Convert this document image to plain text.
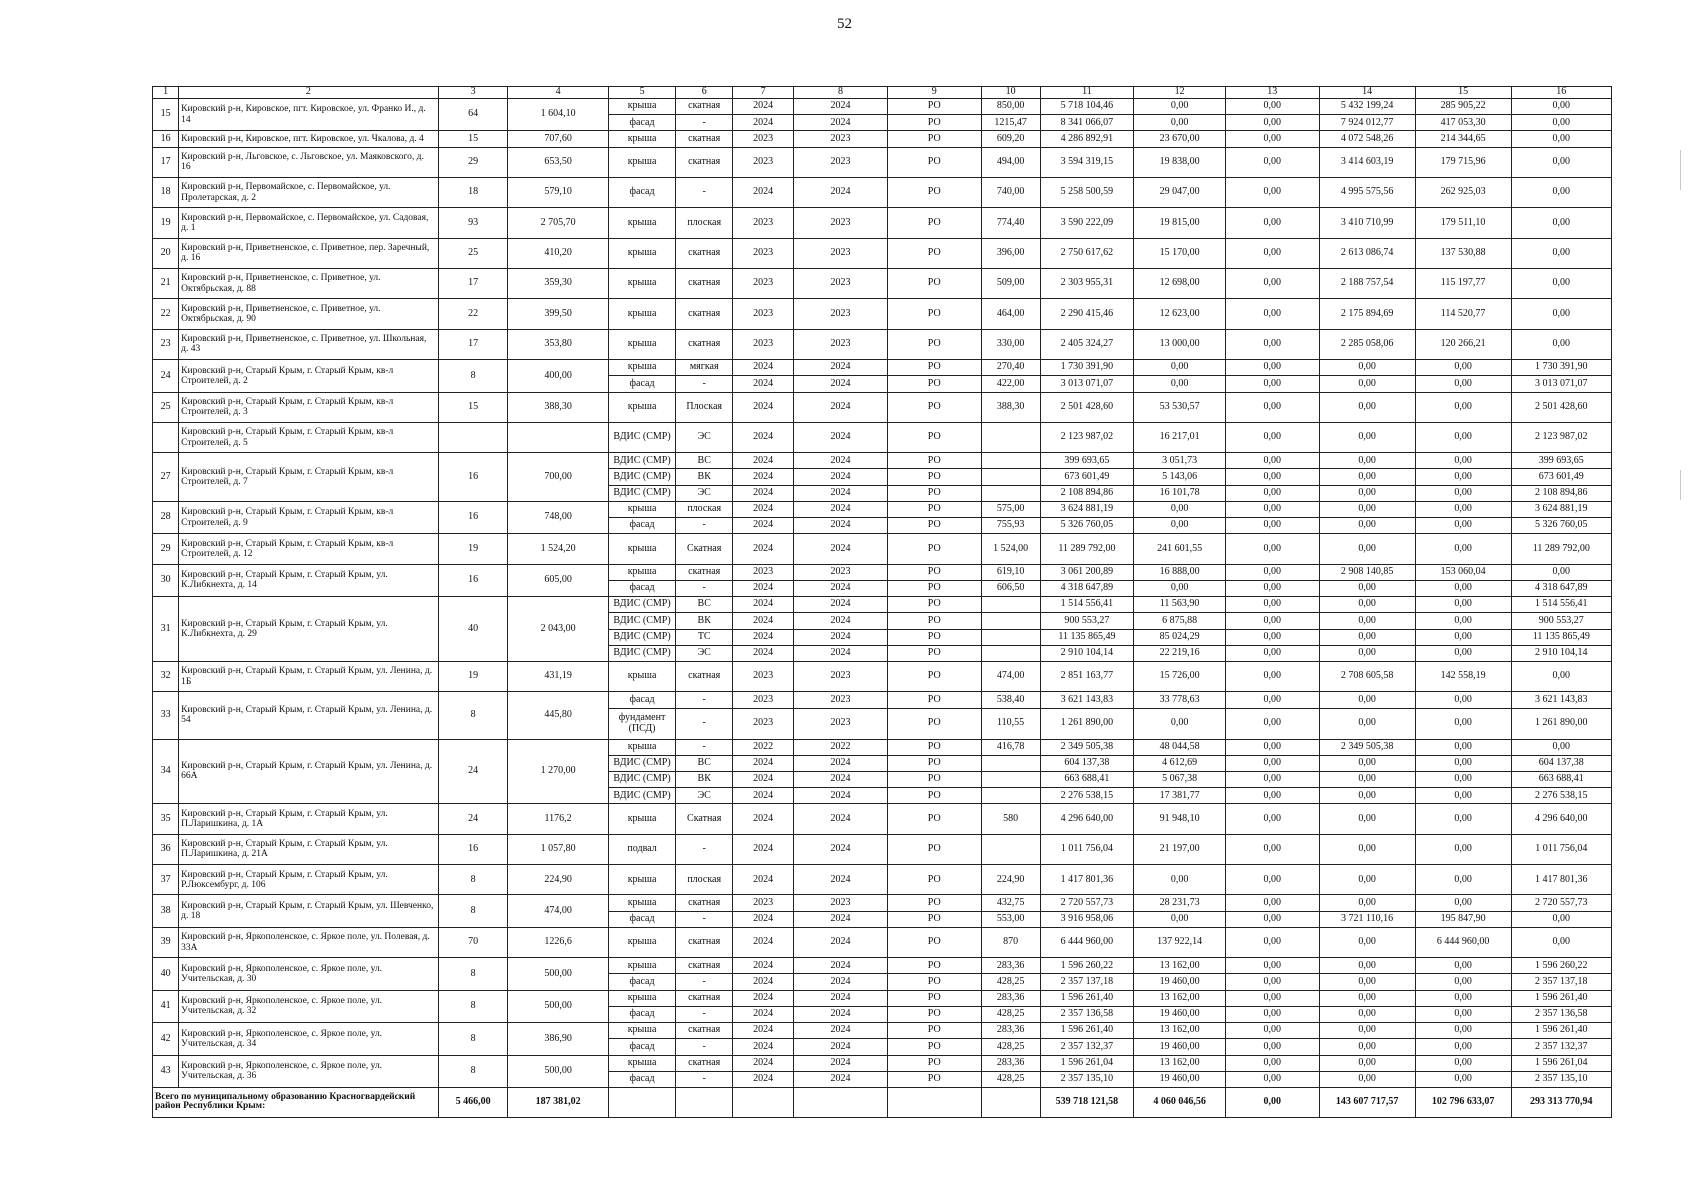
52
1	2	3	4	5	6	7	8	9	10	11	12	13	14	15	16
15	Кировский р-н, Кировское, пгт. Кировское, ул. Франко И., д. 14	64	1 604,10	крыша	скатная	2024	2024	РО	850,00	5 718 104,46	0,00	0,00	5 432 199,24	285 905,22	0,00
				фасад	-	2024	2024	РО	1215,47	8 341 066,07	0,00	0,00	7 924 012,77	417 053,30	0,00
16	Кировский р-н, Кировское, пгт. Кировское, ул. Чкалова, д. 4	15	707,60	крыша	скатная	2023	2023	РО	609,20	4 286 892,91	23 670,00	0,00	4 072 548,26	214 344,65	0,00
17	Кировский р-н, Льговское, с. Льговское, ул. Маяковского, д. 16	29	653,50	крыша	скатная	2023	2023	РО	494,00	3 594 319,15	19 838,00	0,00	3 414 603,19	179 715,96	0,00
18	Кировский р-н, Первомайское, с. Первомайское, ул. Пролетарская, д. 2	18	579,10	фасад	-	2024	2024	РО	740,00	5 258 500,59	29 047,00	0,00	4 995 575,56	262 925,03	0,00
19	Кировский р-н, Первомайское, с. Первомайское, ул. Садовая, д. 1	93	2 705,70	крыша	плоская	2023	2023	РО	774,40	3 590 222,09	19 815,00	0,00	3 410 710,99	179 511,10	0,00
20	Кировский р-н, Приветненское, с. Приветное, пер. Заречный, д. 16	25	410,20	крыша	скатная	2023	2023	РО	396,00	2 750 617,62	15 170,00	0,00	2 613 086,74	137 530,88	0,00
21	Кировский р-н, Приветненское, с. Приветное, ул. Октябрьская, д. 88	17	359,30	крыша	скатная	2023	2023	РО	509,00	2 303 955,31	12 698,00	0,00	2 188 757,54	115 197,77	0,00
22	Кировский р-н, Приветненское, с. Приветное, ул. Октябрьская, д. 90	22	399,50	крыша	скатная	2023	2023	РО	464,00	2 290 415,46	12 623,00	0,00	2 175 894,69	114 520,77	0,00
23	Кировский р-н, Приветненское, с. Приветное, ул. Школьная, д. 43	17	353,80	крыша	скатная	2023	2023	РО	330,00	2 405 324,27	13 000,00	0,00	2 285 058,06	120 266,21	0,00
24	Кировский р-н, Старый Крым, г. Старый Крым, кв-л Строителей, д. 2	8	400,00	крыша	мягкая	2024	2024	РО	270,40	1 730 391,90	0,00	0,00	0,00	0,00	1 730 391,90
				фасад	-	2024	2024	РО	422,00	3 013 071,07	0,00	0,00	0,00	0,00	3 013 071,07
25	Кировский р-н, Старый Крым, г. Старый Крым, кв-л Строителей, д. 3	15	388,30	крыша	Плоская	2024	2024	РО	388,30	2 501 428,60	53 530,57	0,00	0,00	0,00	2 501 428,60
	Кировский р-н, Старый Крым, г. Старый Крым, кв-л Строителей, д. 5			ВДИС (СМР)	ЭС	2024	2024	РО		2 123 987,02	16 217,01	0,00	0,00	0,00	2 123 987,02
27	Кировский р-н, Старый Крым, г. Старый Крым, кв-л Строителей, д. 7	16	700,00	ВДИС (СМР)	ВС	2024	2024	РО		399 693,65	3 051,73	0,00	0,00	0,00	399 693,65
				ВДИС (СМР)	ВК	2024	2024	РО		673 601,49	5 143,06	0,00	0,00	0,00	673 601,49
				ВДИС (СМР)	ЭС	2024	2024	РО		2 108 894,86	16 101,78	0,00	0,00	0,00	2 108 894,86
28	Кировский р-н, Старый Крым, г. Старый Крым, кв-л Строителей, д. 9	16	748,00	крыша	плоская	2024	2024	РО	575,00	3 624 881,19	0,00	0,00	0,00	0,00	3 624 881,19
				фасад	-	2024	2024	РО	755,93	5 326 760,05	0,00	0,00	0,00	0,00	5 326 760,05
29	Кировский р-н, Старый Крым, г. Старый Крым, кв-л Строителей, д. 12	19	1 524,20	крыша	Скатная	2024	2024	РО	1 524,00	11 289 792,00	241 601,55	0,00	0,00	0,00	11 289 792,00
30	Кировский р-н, Старый Крым, г. Старый Крым, ул. К.Либкнехта, д. 14	16	605,00	крыша	скатная	2023	2023	РО	619,10	3 061 200,89	16 888,00	0,00	2 908 140,85	153 060,04	0,00
				фасад	-	2024	2024	РО	606,50	4 318 647,89	0,00	0,00	0,00	0,00	4 318 647,89
31	Кировский р-н, Старый Крым, г. Старый Крым, ул. К.Либкнехта, д. 29	40	2 043,00	ВДИС (СМР)	ВС	2024	2024	РО		1 514 556,41	11 563,90	0,00	0,00	0,00	1 514 556,41
				ВДИС (СМР)	ВК	2024	2024	РО		900 553,27	6 875,88	0,00	0,00	0,00	900 553,27
				ВДИС (СМР)	ТС	2024	2024	РО		11 135 865,49	85 024,29	0,00	0,00	0,00	11 135 865,49
				ВДИС (СМР)	ЭС	2024	2024	РО		2 910 104,14	22 219,16	0,00	0,00	0,00	2 910 104,14
32	Кировский р-н, Старый Крым, г. Старый Крым, ул. Ленина, д. 1Б	19	431,19	крыша	скатная	2023	2023	РО	474,00	2 851 163,77	15 726,00	0,00	2 708 605,58	142 558,19	0,00
33	Кировский р-н, Старый Крым, г. Старый Крым, ул. Ленина, д. 54	8	445,80	фасад	-	2023	2023	РО	538,40	3 621 143,83	33 778,63	0,00	0,00	0,00	3 621 143,83
				фундамент (ПСД)	-	2023	2023	РО	110,55	1 261 890,00	0,00	0,00	0,00	0,00	1 261 890,00
34	Кировский р-н, Старый Крым, г. Старый Крым, ул. Ленина, д. 66А	24	1 270,00	крыша	-	2022	2022	РО	416,78	2 349 505,38	48 044,58	0,00	2 349 505,38	0,00	0,00
				ВДИС (СМР)	ВС	2024	2024	РО		604 137,38	4 612,69	0,00	0,00	0,00	604 137,38
				ВДИС (СМР)	ВК	2024	2024	РО		663 688,41	5 067,38	0,00	0,00	0,00	663 688,41
				ВДИС (СМР)	ЭС	2024	2024	РО		2 276 538,15	17 381,77	0,00	0,00	0,00	2 276 538,15
35	Кировский р-н, Старый Крым, г. Старый Крым, ул. П.Ларишкина, д. 1А	24	1176,2	крыша	Скатная	2024	2024	РО	580	4 296 640,00	91 948,10	0,00	0,00	0,00	4 296 640,00
36	Кировский р-н, Старый Крым, г. Старый Крым, ул. П.Ларишкина, д. 21А	16	1 057,80	подвал	-	2024	2024	РО		1 011 756,04	21 197,00	0,00	0,00	0,00	1 011 756,04
37	Кировский р-н, Старый Крым, г. Старый Крым, ул. Р.Люксембург, д. 106	8	224,90	крыша	плоская	2024	2024	РО	224,90	1 417 801,36	0,00	0,00	0,00	0,00	1 417 801,36
38	Кировский р-н, Старый Крым, г. Старый Крым, ул. Шевченко, д. 18	8	474,00	крыша	скатная	2023	2023	РО	432,75	2 720 557,73	28 231,73	0,00	0,00	0,00	2 720 557,73
				фасад	-	2024	2024	РО	553,00	3 916 958,06	0,00	0,00	3 721 110,16	195 847,90	0,00
39	Кировский р-н, Яркополенское, с. Яркое поле, ул. Полевая, д. 33А	70	1226,6	крыша	скатная	2024	2024	РО	870	6 444 960,00	137 922,14	0,00	0,00	6 444 960,00	0,00
40	Кировский р-н, Яркополенское, с. Яркое поле, ул. Учительская, д. 30	8	500,00	крыша	скатная	2024	2024	РО	283,36	1 596 260,22	13 162,00	0,00	0,00	0,00	1 596 260,22
				фасад	-	2024	2024	РО	428,25	2 357 137,18	19 460,00	0,00	0,00	0,00	2 357 137,18
41	Кировский р-н, Яркополенское, с. Яркое поле, ул. Учительская, д. 32	8	500,00	крыша	скатная	2024	2024	РО	283,36	1 596 261,40	13 162,00	0,00	0,00	0,00	1 596 261,40
				фасад	-	2024	2024	РО	428,25	2 357 136,58	19 460,00	0,00	0,00	0,00	2 357 136,58
42	Кировский р-н, Яркополенское, с. Яркое поле, ул. Учительская, д. 34	8	386,90	крыша	скатная	2024	2024	РО	283,36	1 596 261,40	13 162,00	0,00	0,00	0,00	1 596 261,40
				фасад	-	2024	2024	РО	428,25	2 357 132,37	19 460,00	0,00	0,00	0,00	2 357 132,37
43	Кировский р-н, Яркополенское, с. Яркое поле, ул. Учительская, д. 36	8	500,00	крыша	скатная	2024	2024	РО	283,36	1 596 261,04	13 162,00	0,00	0,00	0,00	1 596 261,04
				фасад	-	2024	2024	РО	428,25	2 357 135,10	19 460,00	0,00	0,00	0,00	2 357 135,10
Всего по муниципальному образованию Красногвардейский район Республики Крым:		5 466,00	187 381,02							539 718 121,58	4 060 046,56	0,00	143 607 717,57	102 796 633,07	293 313 770,94
